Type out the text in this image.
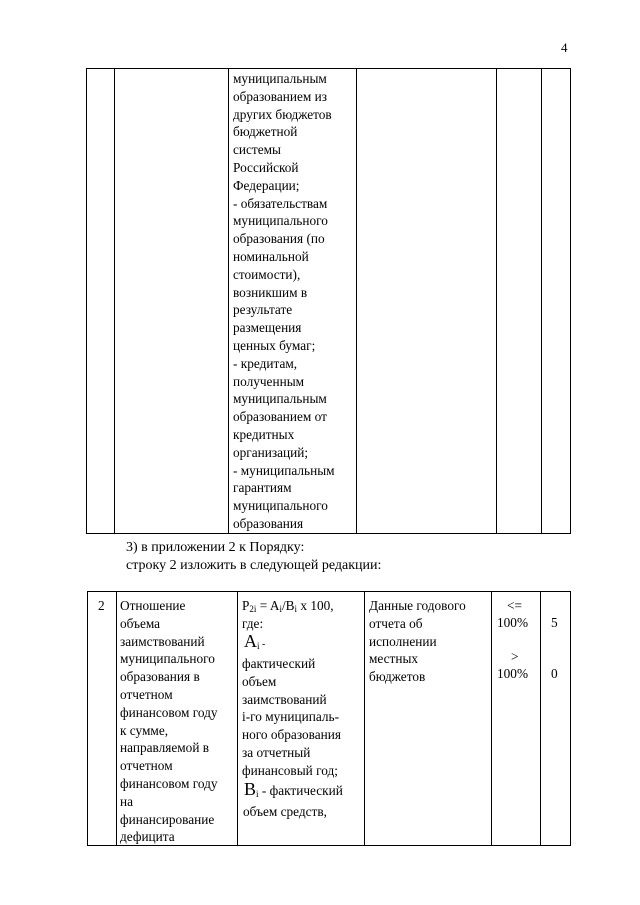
4
муниципальным
образованием из
других бюджетов
бюджетной
системы
Российской
Федерации;
- обязательствам
муниципального
образования (по
номинальной
стоимости),
возникшим в
результате
размещения
ценных бумаг;
- кредитам,
полученным
муниципальным
образованием от
кредитных
организаций;
- муниципальным
гарантиям
муниципального
образования
3) в приложении 2 к Порядку:
строку 2 изложить в следующей редакции:
2 Отношение
объема
заимствований
муниципального
образования в
отчетном
финансовом году
к сумме,
направляемой в
отчетном
финансовом году
на
финансирование
дефицита
$P_{2i} = A_i/B_i$ x 100,
где:
$A_i$ -
фактический
объем
заимствований
i-го муниципаль-
ного образования
за отчетный
финансовый год;
$B_i$ - фактический
объем средств,
Данные годового
отчета об
исполнении
местных
бюджетов
<=
100%
>
100%
5
0
